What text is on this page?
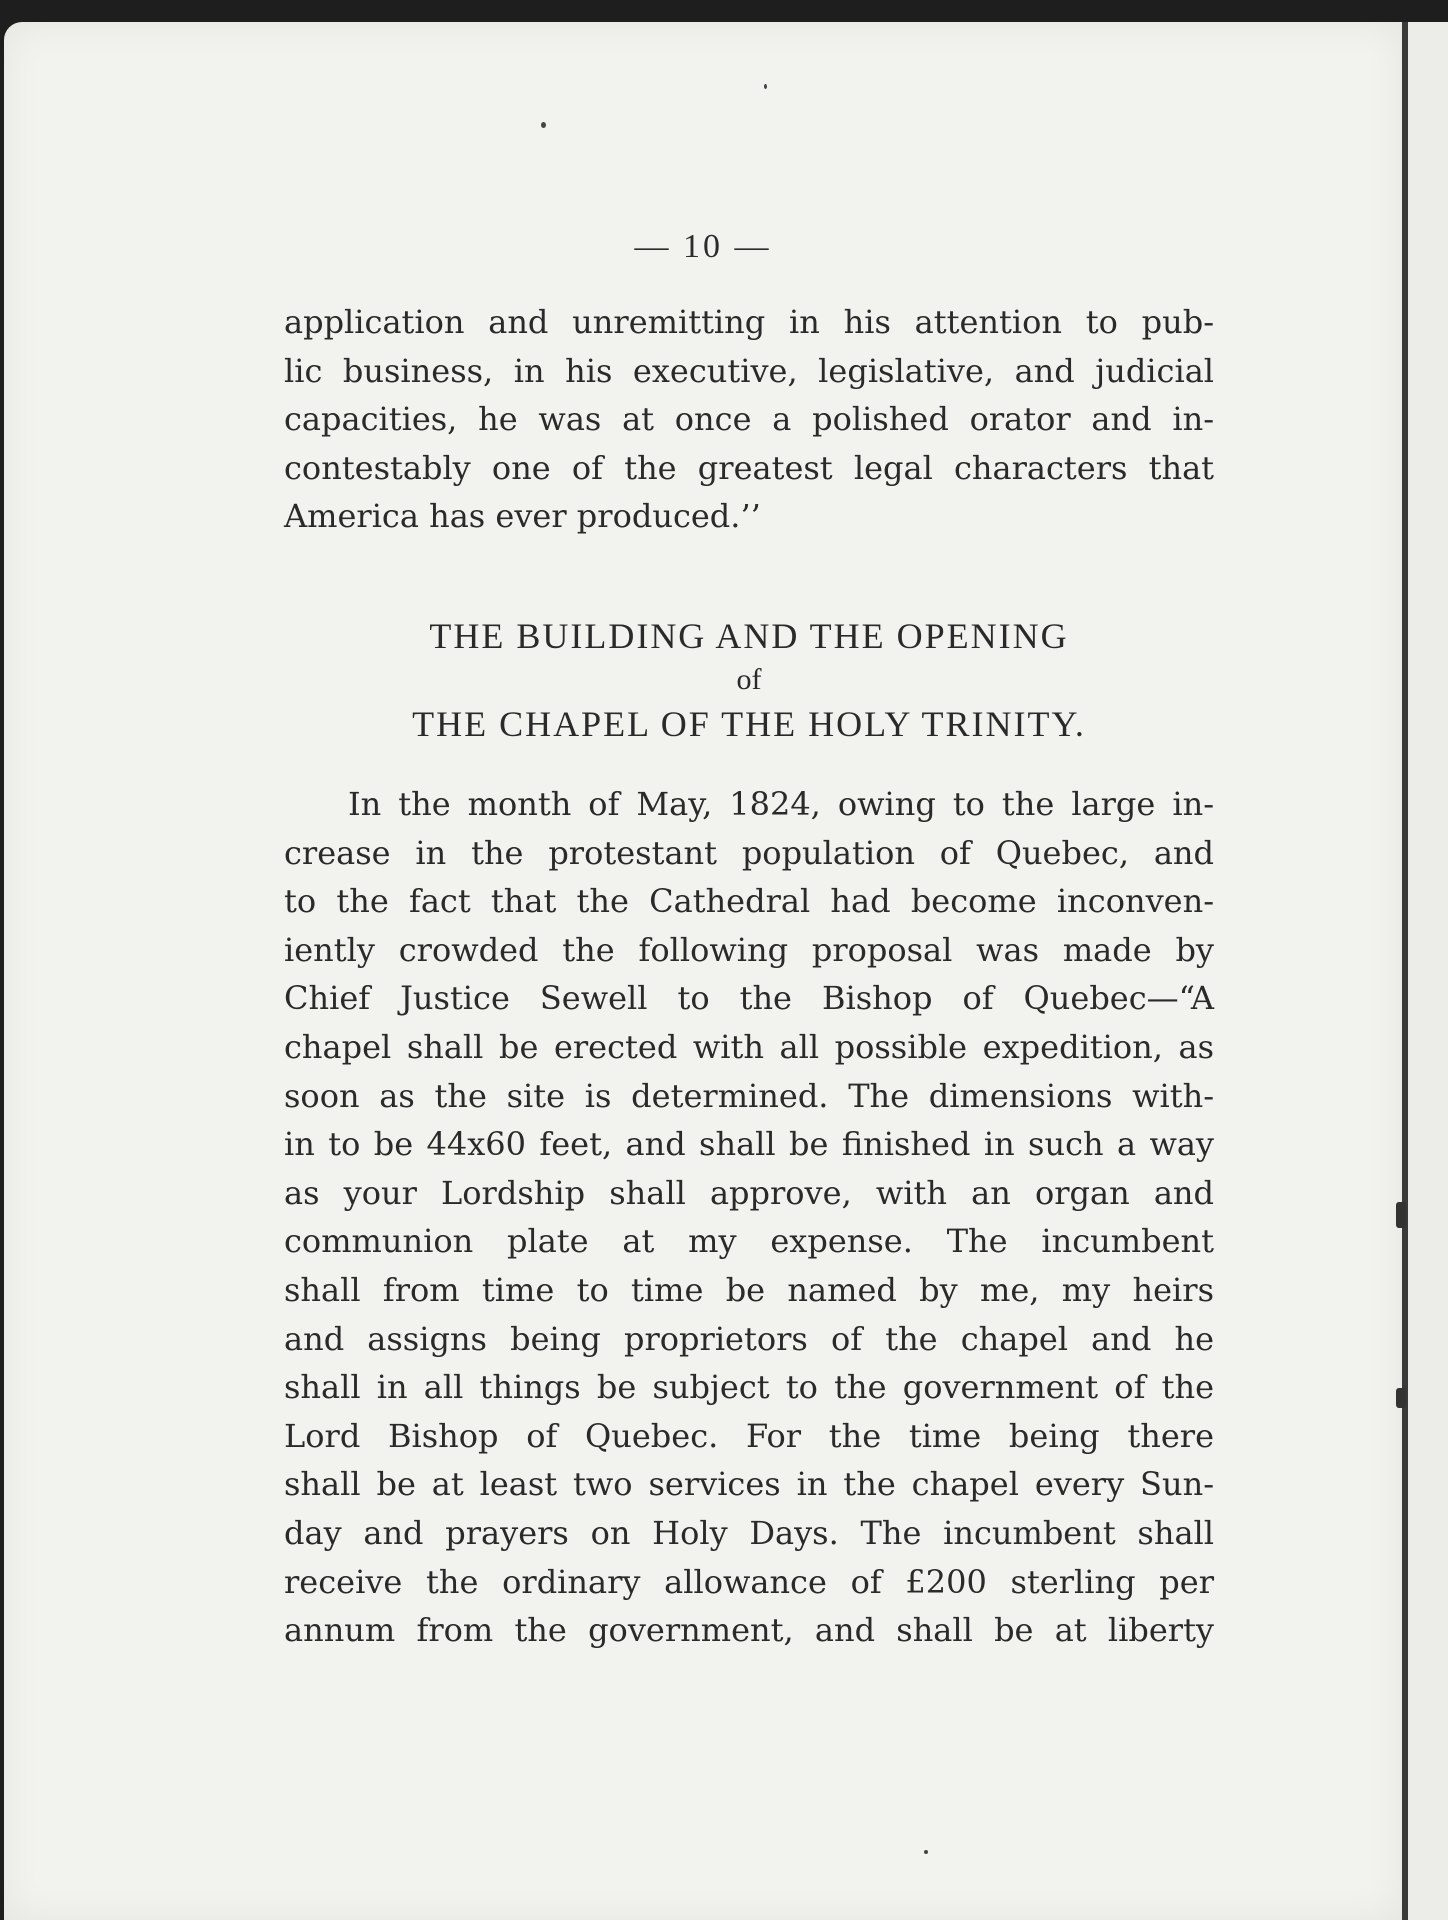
— 10 —
application and unremitting in his attention to pub-
lic business, in his executive, legislative, and judicial
capacities, he was at once a polished orator and in-
contestably one of the greatest legal characters that
America has ever produced.’’
THE BUILDING AND THE OPENING
of
THE CHAPEL OF THE HOLY TRINITY.
In the month of May, 1824, owing to the large in-
crease in the protestant population of Quebec, and
to the fact that the Cathedral had become inconven-
iently crowded the following proposal was made by
Chief Justice Sewell to the Bishop of Quebec—“A
chapel shall be erected with all possible expedition, as
soon as the site is determined. The dimensions with-
in to be 44x60 feet, and shall be finished in such a way
as your Lordship shall approve, with an organ and
communion plate at my expense. The incumbent
shall from time to time be named by me, my heirs
and assigns being proprietors of the chapel and he
shall in all things be subject to the government of the
Lord Bishop of Quebec. For the time being there
shall be at least two services in the chapel every Sun-
day and prayers on Holy Days. The incumbent shall
receive the ordinary allowance of £200 sterling per
annum from the government, and shall be at liberty
